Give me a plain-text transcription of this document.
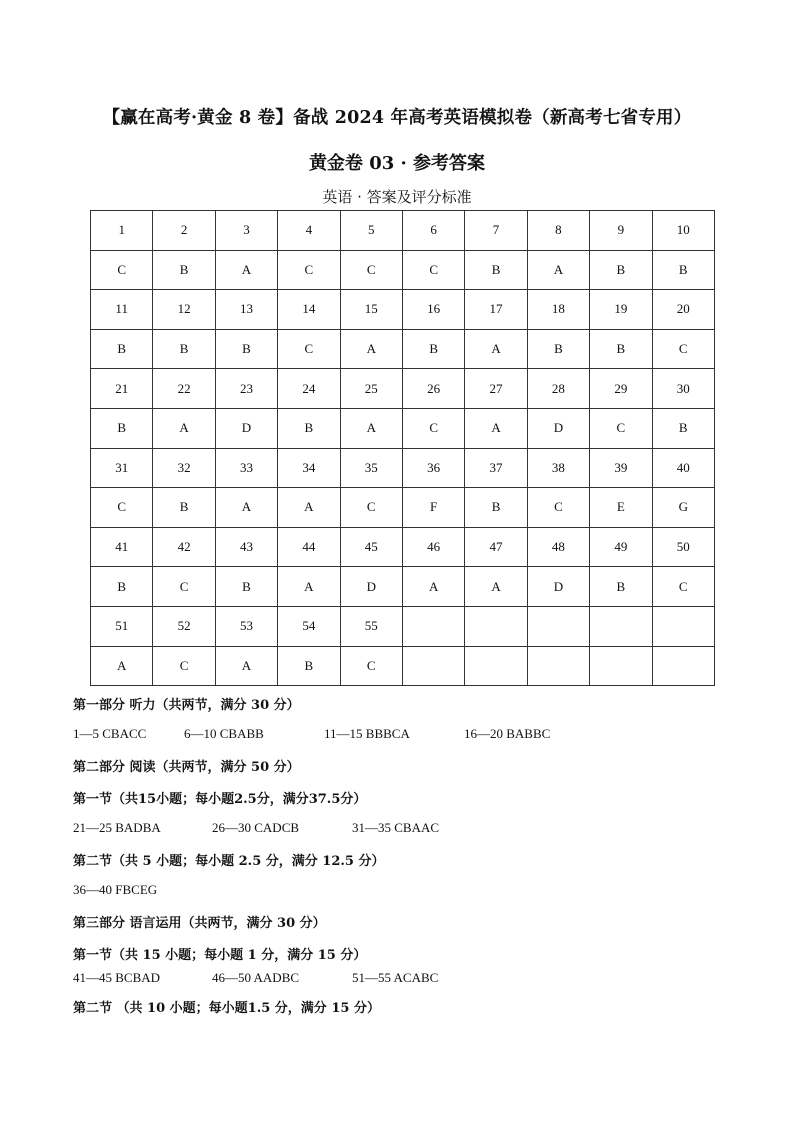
【赢在高考·黄金 8 卷】备战 2024 年高考英语模拟卷（新高考七省专用）
黄金卷 03 · 参考答案
英语 · 答案及评分标准
1	2	3	4	5	6	7	8	9	10
C	B	A	C	C	C	B	A	B	B
11	12	13	14	15	16	17	18	19	20
B	B	B	C	A	B	A	B	B	C
21	22	23	24	25	26	27	28	29	30
B	A	D	B	A	C	A	D	C	B
31	32	33	34	35	36	37	38	39	40
C	B	A	A	C	F	B	C	E	G
41	42	43	44	45	46	47	48	49	50
B	C	B	A	D	A	A	D	B	C
51	52	53	54	55					
A	C	A	B	C					
第一部分 听力（共两节，满分 30 分）
1—5 CBACC	6—10 CBABB	11—15 BBBCA	16—20 BABBC
第二部分 阅读（共两节，满分 50 分）
第一节（共15小题；每小题2.5分，满分37.5分）
21—25 BADBA	26—30 CADCB	31—35 CBAAC
第二节（共 5 小题；每小题 2.5 分，满分 12.5 分）
36—40 FBCEG
第三部分 语言运用（共两节，满分 30 分）
第一节（共 15 小题；每小题 1 分，满分 15 分）
41—45 BCBAD	46—50 AADBC	51—55 ACABC
第二节 （共 10 小题；每小题1.5 分，满分 15 分）
